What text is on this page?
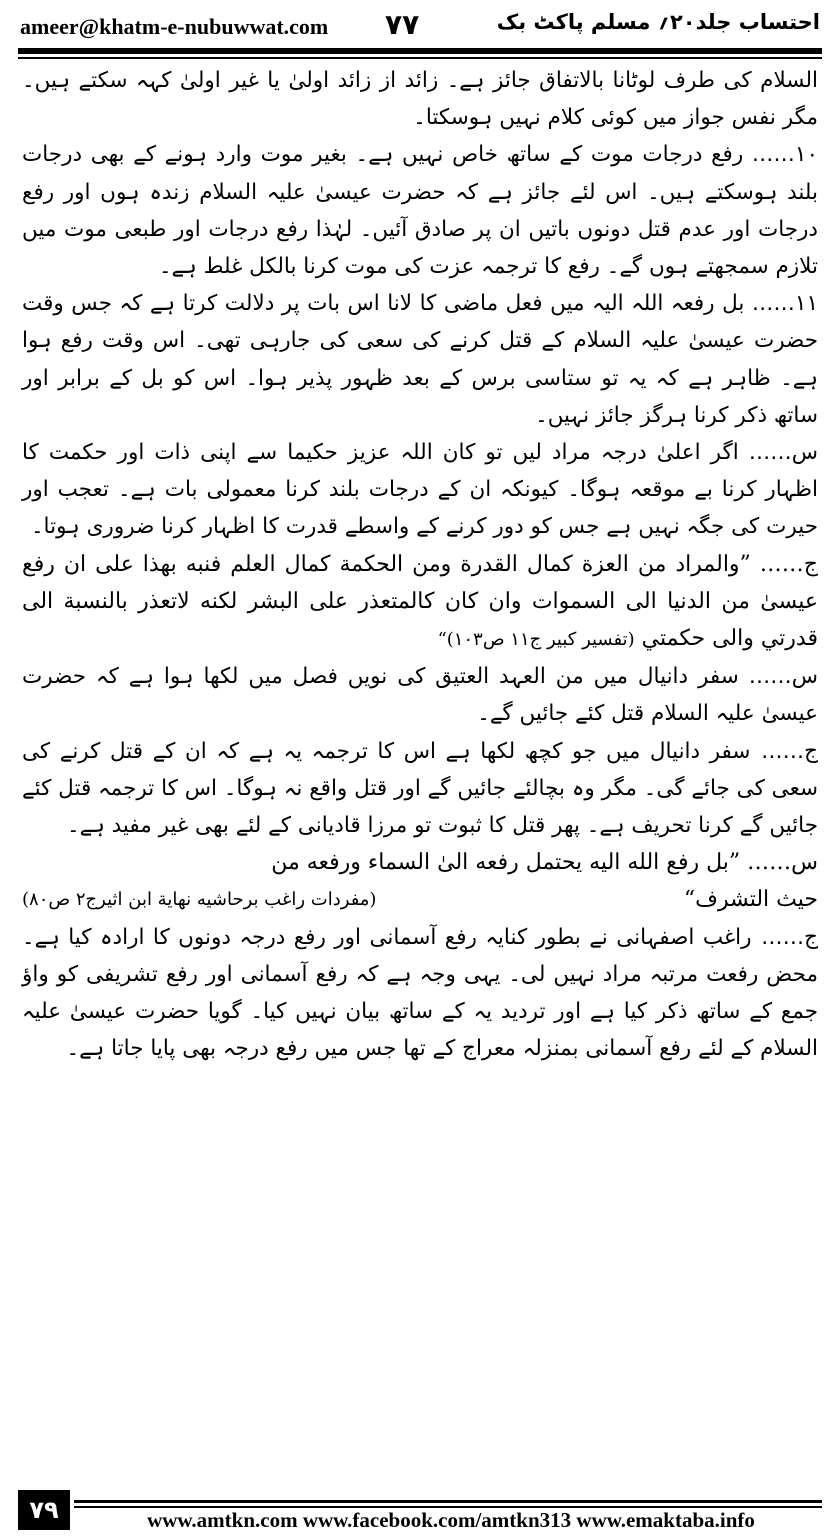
ameer@khatm-e-nubuwwat.com ۷۷	احتساب جلد۲۰؍ مسلم پاکٹ بک

السلام کی طرف لوٹانا بالاتفاق جائز ہے۔ زائد از زائد اولیٰ یا غیر اولیٰ کہہ سکتے ہیں۔ مگر نفس جواز میں کوئی کلام نہیں ہوسکتا۔

۱۰…… رفع درجات موت کے ساتھ خاص نہیں ہے۔ بغیر موت وارد ہونے کے بھی درجات بلند ہوسکتے ہیں۔ اس لئے جائز ہے کہ حضرت عیسیٰ علیہ السلام زندہ ہوں اور رفع درجات اور عدم قتل دونوں باتیں ان پر صادق آئیں۔ لہٰذا رفع درجات اور طبعی موت میں تلازم سمجھتے ہوں گے۔ رفع کا ترجمہ عزت کی موت کرنا بالکل غلط ہے۔

۱۱…… بل رفعہ اللہ الیہ میں فعل ماضی کا لانا اس بات پر دلالت کرتا ہے کہ جس وقت حضرت عیسیٰ علیہ السلام کے قتل کرنے کی سعی کی جارہی تھی۔ اس وقت رفع ہوا ہے۔ ظاہر ہے کہ یہ تو ستاسی برس کے بعد ظہور پذیر ہوا۔ اس کو بل کے برابر اور ساتھ ذکر کرنا ہرگز جائز نہیں۔

س…… اگر اعلیٰ درجہ مراد لیں تو کان اللہ عزیز حکیما سے اپنی ذات اور حکمت کا اظہار کرنا بے موقعہ ہوگا۔ کیونکہ ان کے درجات بلند کرنا معمولی بات ہے۔ تعجب اور حیرت کی جگہ نہیں ہے جس کو دور کرنے کے واسطے قدرت کا اظہار کرنا ضروری ہوتا۔

ج…… ”والمراد من العزة كمال القدرة ومن الحكمة كمال العلم فنبه بهذا على ان رفع عيسىٰ من الدنيا الى السموات وان كان كالمتعذر على البشر لكنه لاتعذر بالنسبة الى قدرتي والى حكمتي (تفسیر کبیر ج۱۱ ص۱۰۳)“

س…… سفر دانیال میں من العہد العتیق کی نویں فصل میں لکھا ہوا ہے کہ حضرت عیسیٰ علیہ السلام قتل کئے جائیں گے۔

ج…… سفر دانیال میں جو کچھ لکھا ہے اس کا ترجمہ یہ ہے کہ ان کے قتل کرنے کی سعی کی جائے گی۔ مگر وہ بچالئے جائیں گے اور قتل واقع نہ ہوگا۔ اس کا ترجمہ قتل کئے جائیں گے کرنا تحریف ہے۔ پھر قتل کا ثبوت تو مرزا قادیانی کے لئے بھی غیر مفید ہے۔

س…… ”بل رفع الله اليه يحتمل رفعه الىٰ السماء ورفعه من

حيث التشرف“
(مفردات راغب برحاشيه نهاية ابن اثيرج۲ ص۸۰)

ج…… راغب اصفہانی نے بطور کنایہ رفع آسمانی اور رفع درجہ دونوں کا ارادہ کیا ہے۔ محض رفعت مرتبہ مراد نہیں لی۔ یہی وجہ ہے کہ رفع آسمانی اور رفع تشریفی کو واؤ جمع کے ساتھ ذکر کیا ہے اور تردید یہ کے ساتھ بیان نہیں کیا۔ گویا حضرت عیسیٰ علیہ السلام کے لئے رفع آسمانی بمنزلہ معراج کے تھا جس میں رفع درجہ بھی پایا جاتا ہے۔

۷۹	www.amtkn.com www.facebook.com/amtkn313 www.emaktaba.info
